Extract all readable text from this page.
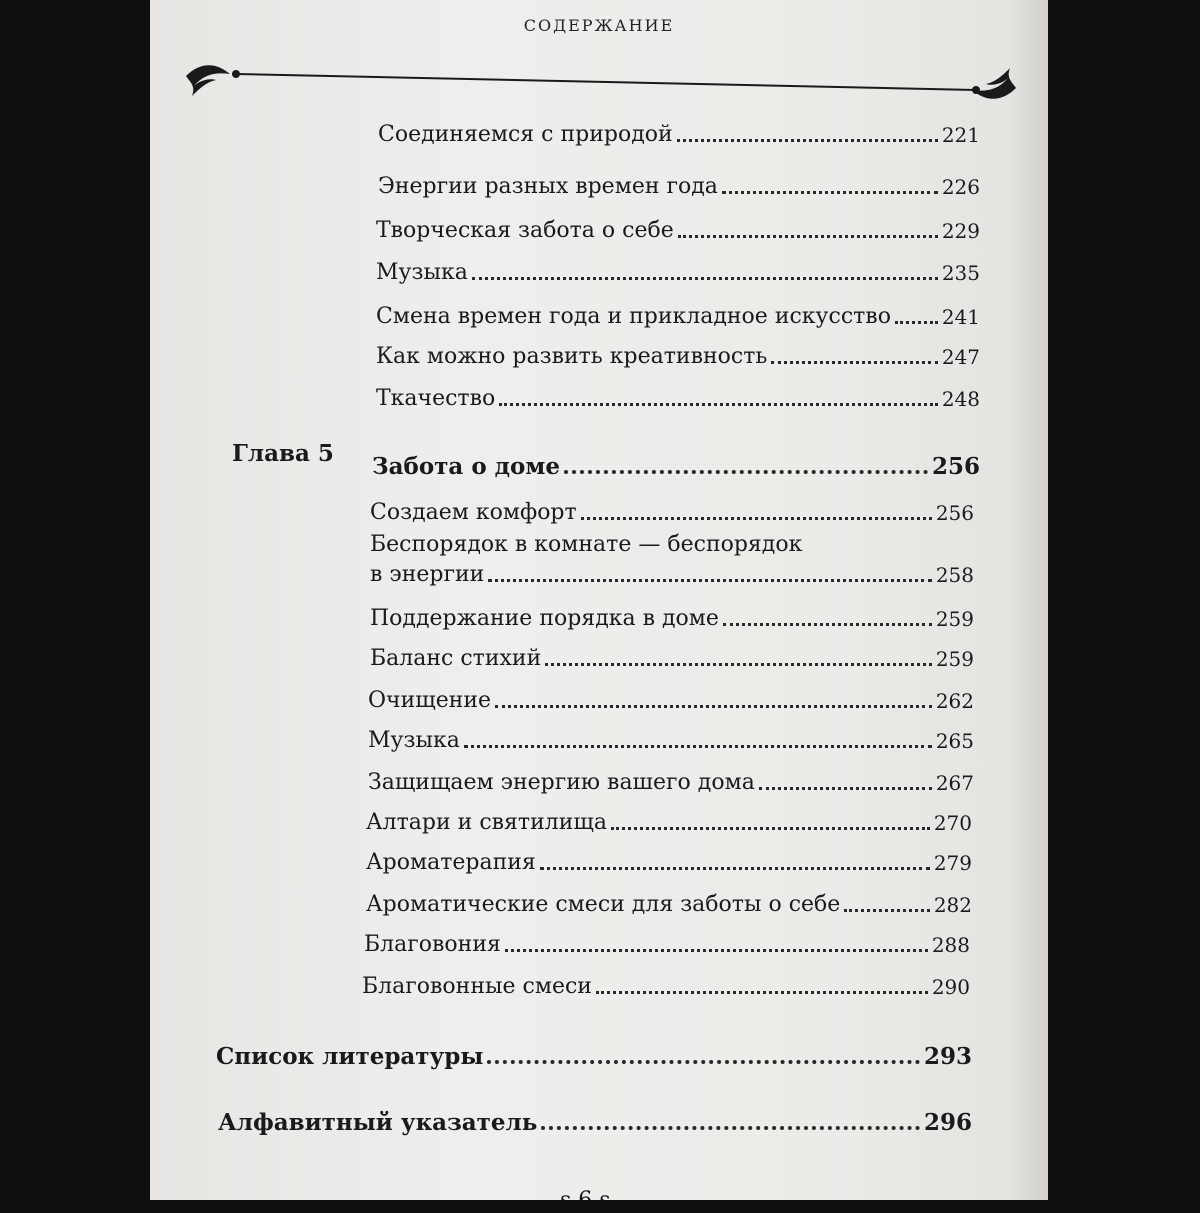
СОДЕРЖАНИЕ
Соединяемся с природой	221
Энергии разных времен года	226
Творческая забота о себе	229
Музыка	235
Смена времен года и прикладное искусство	241
Как можно развить креативность	247
Ткачество	248
Глава 5 Забота о доме	256
Создаем комфорт	256
Беспорядок в комнате — беспорядок
в энергии	258
Поддержание порядка в доме	259
Баланс стихий	259
Очищение	262
Музыка	265
Защищаем энергию вашего дома	267
Алтари и святилища	270
Ароматерапия	279
Ароматические смеси для заботы о себе	282
Благовония	288
Благовонные смеси	290
Список литературы	293
Алфавитный указатель	296
ѕ 6 ѕ
